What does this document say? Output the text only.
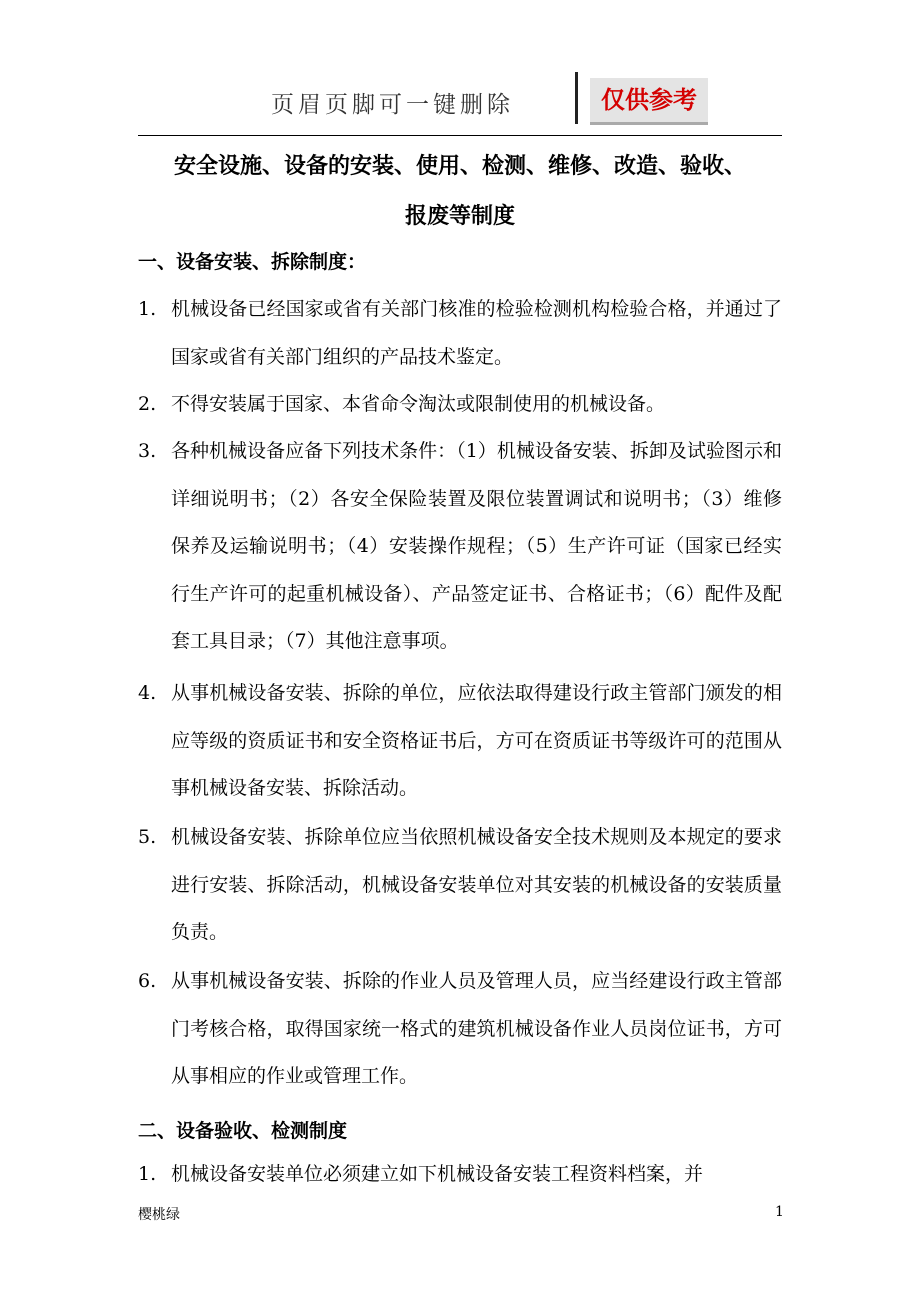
页眉页脚可一键删除	仅供参考
安全设施、设备的安装、使用、检测、维修、改造、验收、
报废等制度
一、设备安装、拆除制度：
1. 机械设备已经国家或省有关部门核准的检验检测机构检验合格，并通过了国家或省有关部门组织的产品技术鉴定。
2. 不得安装属于国家、本省命令淘汰或限制使用的机械设备。
3. 各种机械设备应备下列技术条件：（1）机械设备安装、拆卸及试验图示和详细说明书；（2）各安全保险装置及限位装置调试和说明书；（3）维修保养及运输说明书；（4）安装操作规程；（5）生产许可证（国家已经实行生产许可的起重机械设备）、产品签定证书、合格证书；（6）配件及配套工具目录；（7）其他注意事项。
4. 从事机械设备安装、拆除的单位，应依法取得建设行政主管部门颁发的相应等级的资质证书和安全资格证书后，方可在资质证书等级许可的范围从事机械设备安装、拆除活动。
5. 机械设备安装、拆除单位应当依照机械设备安全技术规则及本规定的要求进行安装、拆除活动，机械设备安装单位对其安装的机械设备的安装质量负责。
6. 从事机械设备安装、拆除的作业人员及管理人员，应当经建设行政主管部门考核合格，取得国家统一格式的建筑机械设备作业人员岗位证书，方可从事相应的作业或管理工作。
二、设备验收、检测制度
1. 机械设备安装单位必须建立如下机械设备安装工程资料档案，并
樱桃绿	1
